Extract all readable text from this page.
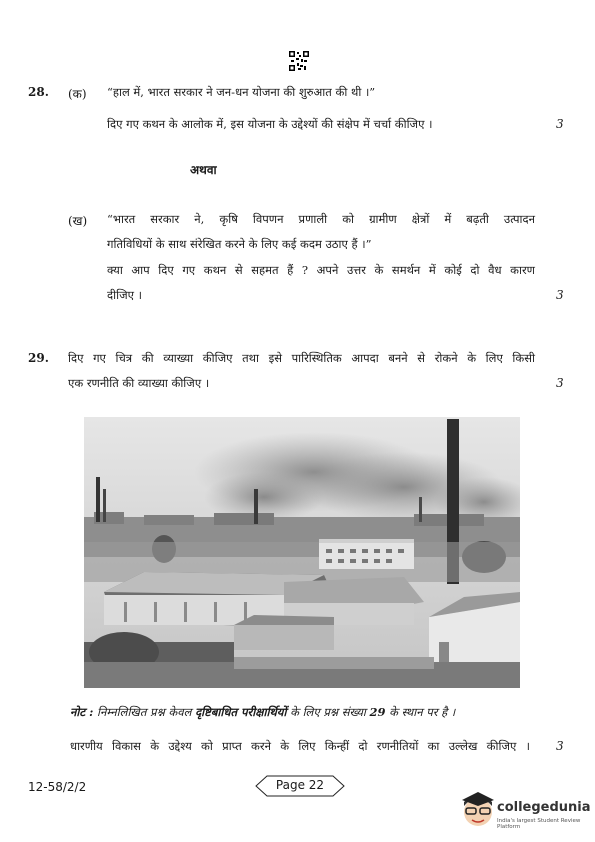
28. (क) “हाल में, भारत सरकार ने जन-धन योजना की शुरुआत की थी ।”
दिए गए कथन के आलोक में, इस योजना के उद्देश्यों की संक्षेप में चर्चा कीजिए ।	3
अथवा
(ख) “भारत सरकार ने, कृषि विपणन प्रणाली को ग्रामीण क्षेत्रों में बढ़ती उत्पादन
गतिविधियों के साथ संरेखित करने के लिए कई कदम उठाए हैं ।”
क्या आप दिए गए कथन से सहमत हैं ? अपने उत्तर के समर्थन में कोई दो वैध कारण
दीजिए ।	3
29. दिए गए चित्र की व्याख्या कीजिए तथा इसे पारिस्थितिक आपदा बनने से रोकने के लिए किसी
एक रणनीति की व्याख्या कीजिए ।	3
नोट : निम्नलिखित प्रश्न केवल दृष्टिबाधित परीक्षार्थियों के लिए प्रश्न संख्या 29 के स्थान पर है ।
धारणीय विकास के उद्देश्य को प्राप्त करने के लिए किन्हीं दो रणनीतियों का उल्लेख कीजिए । 3
12-58/2/2	Page 22
collegedunia
India's largest Student Review Platform
